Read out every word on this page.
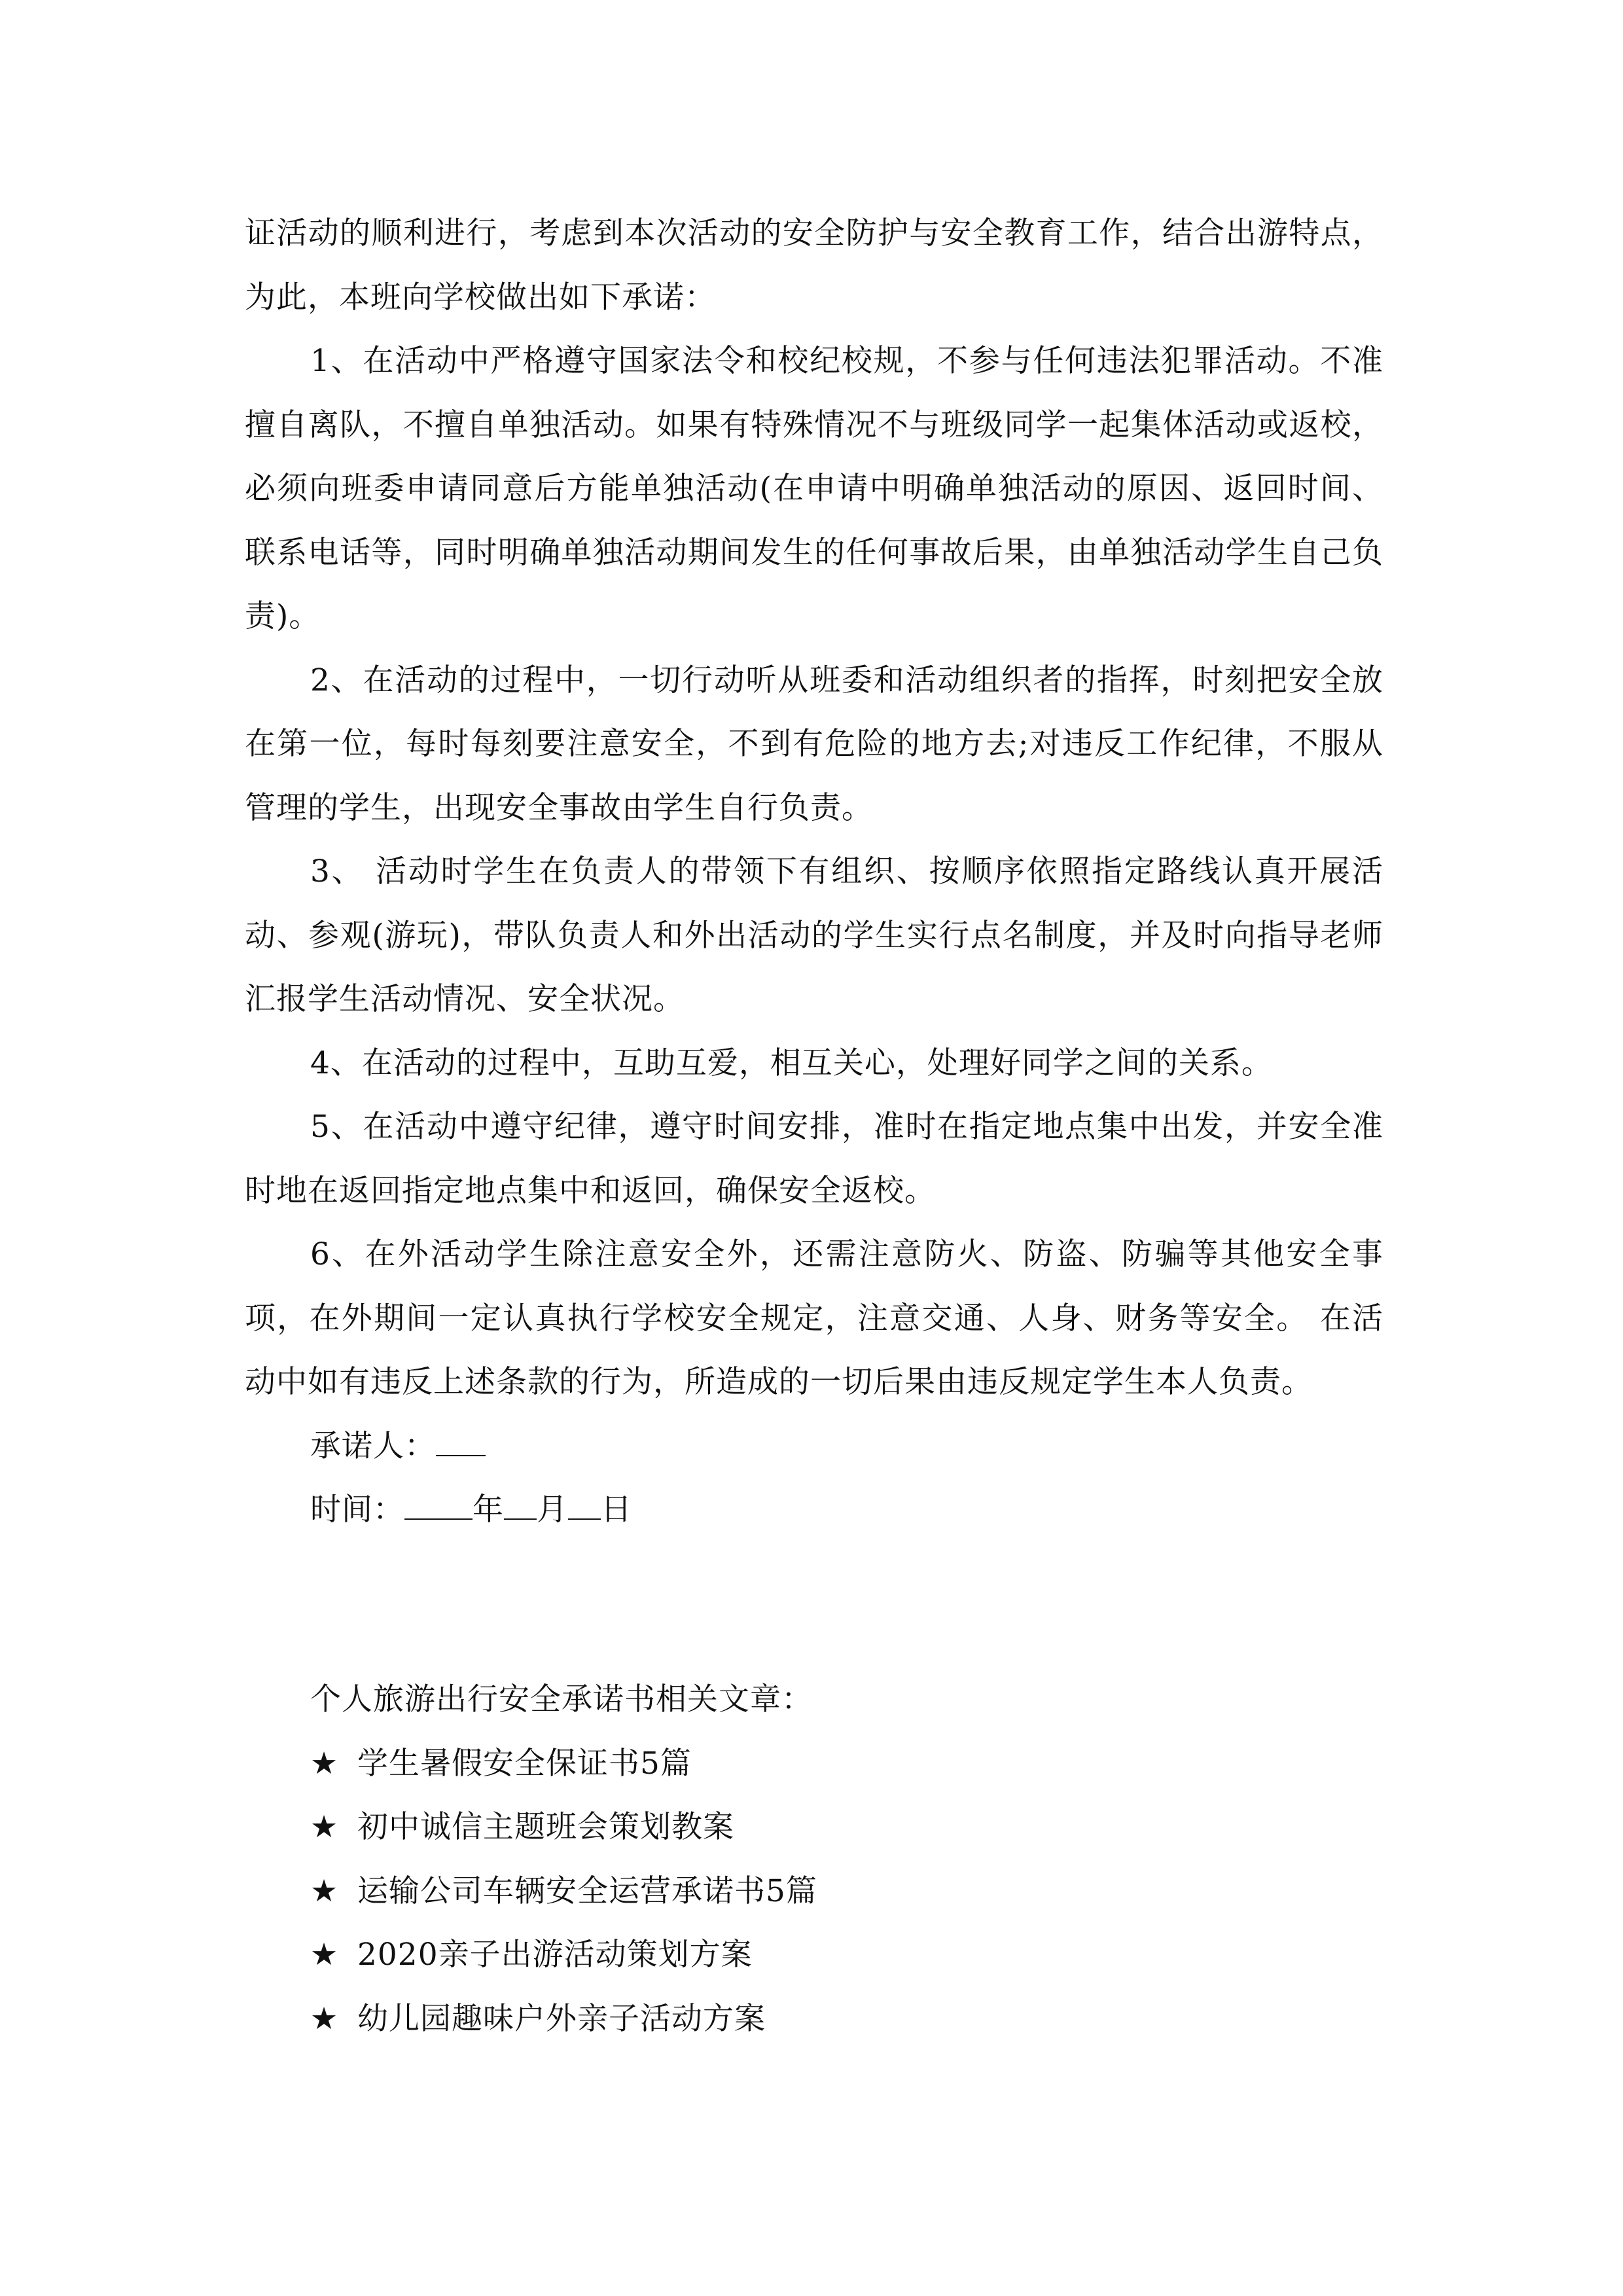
证活动的顺利进行，考虑到本次活动的安全防护与安全教育工作，结合出游特点，为此，本班向学校做出如下承诺：

1、在活动中严格遵守国家法令和校纪校规，不参与任何违法犯罪活动。不准擅自离队，不擅自单独活动。如果有特殊情况不与班级同学一起集体活动或返校，必须向班委申请同意后方能单独活动(在申请中明确单独活动的原因、返回时间、联系电话等，同时明确单独活动期间发生的任何事故后果，由单独活动学生自己负责)。

2、在活动的过程中，一切行动听从班委和活动组织者的指挥，时刻把安全放在第一位，每时每刻要注意安全，不到有危险的地方去;对违反工作纪律，不服从管理的学生，出现安全事故由学生自行负责。

3、 活动时学生在负责人的带领下有组织、按顺序依照指定路线认真开展活动、参观(游玩)，带队负责人和外出活动的学生实行点名制度，并及时向指导老师汇报学生活动情况、安全状况。

4、在活动的过程中，互助互爱，相互关心，处理好同学之间的关系。

5、在活动中遵守纪律，遵守时间安排，准时在指定地点集中出发，并安全准时地在返回指定地点集中和返回，确保安全返校。

6、在外活动学生除注意安全外，还需注意防火、防盗、防骗等其他安全事项，在外期间一定认真执行学校安全规定，注意交通、人身、财务等安全。 在活动中如有违反上述条款的行为，所造成的一切后果由违反规定学生本人负责。

承诺人：

时间： 年 月 日

个人旅游出行安全承诺书相关文章：

★ 学生暑假安全保证书5篇
★ 初中诚信主题班会策划教案
★ 运输公司车辆安全运营承诺书5篇
★ 2020亲子出游活动策划方案
★ 幼儿园趣味户外亲子活动方案
